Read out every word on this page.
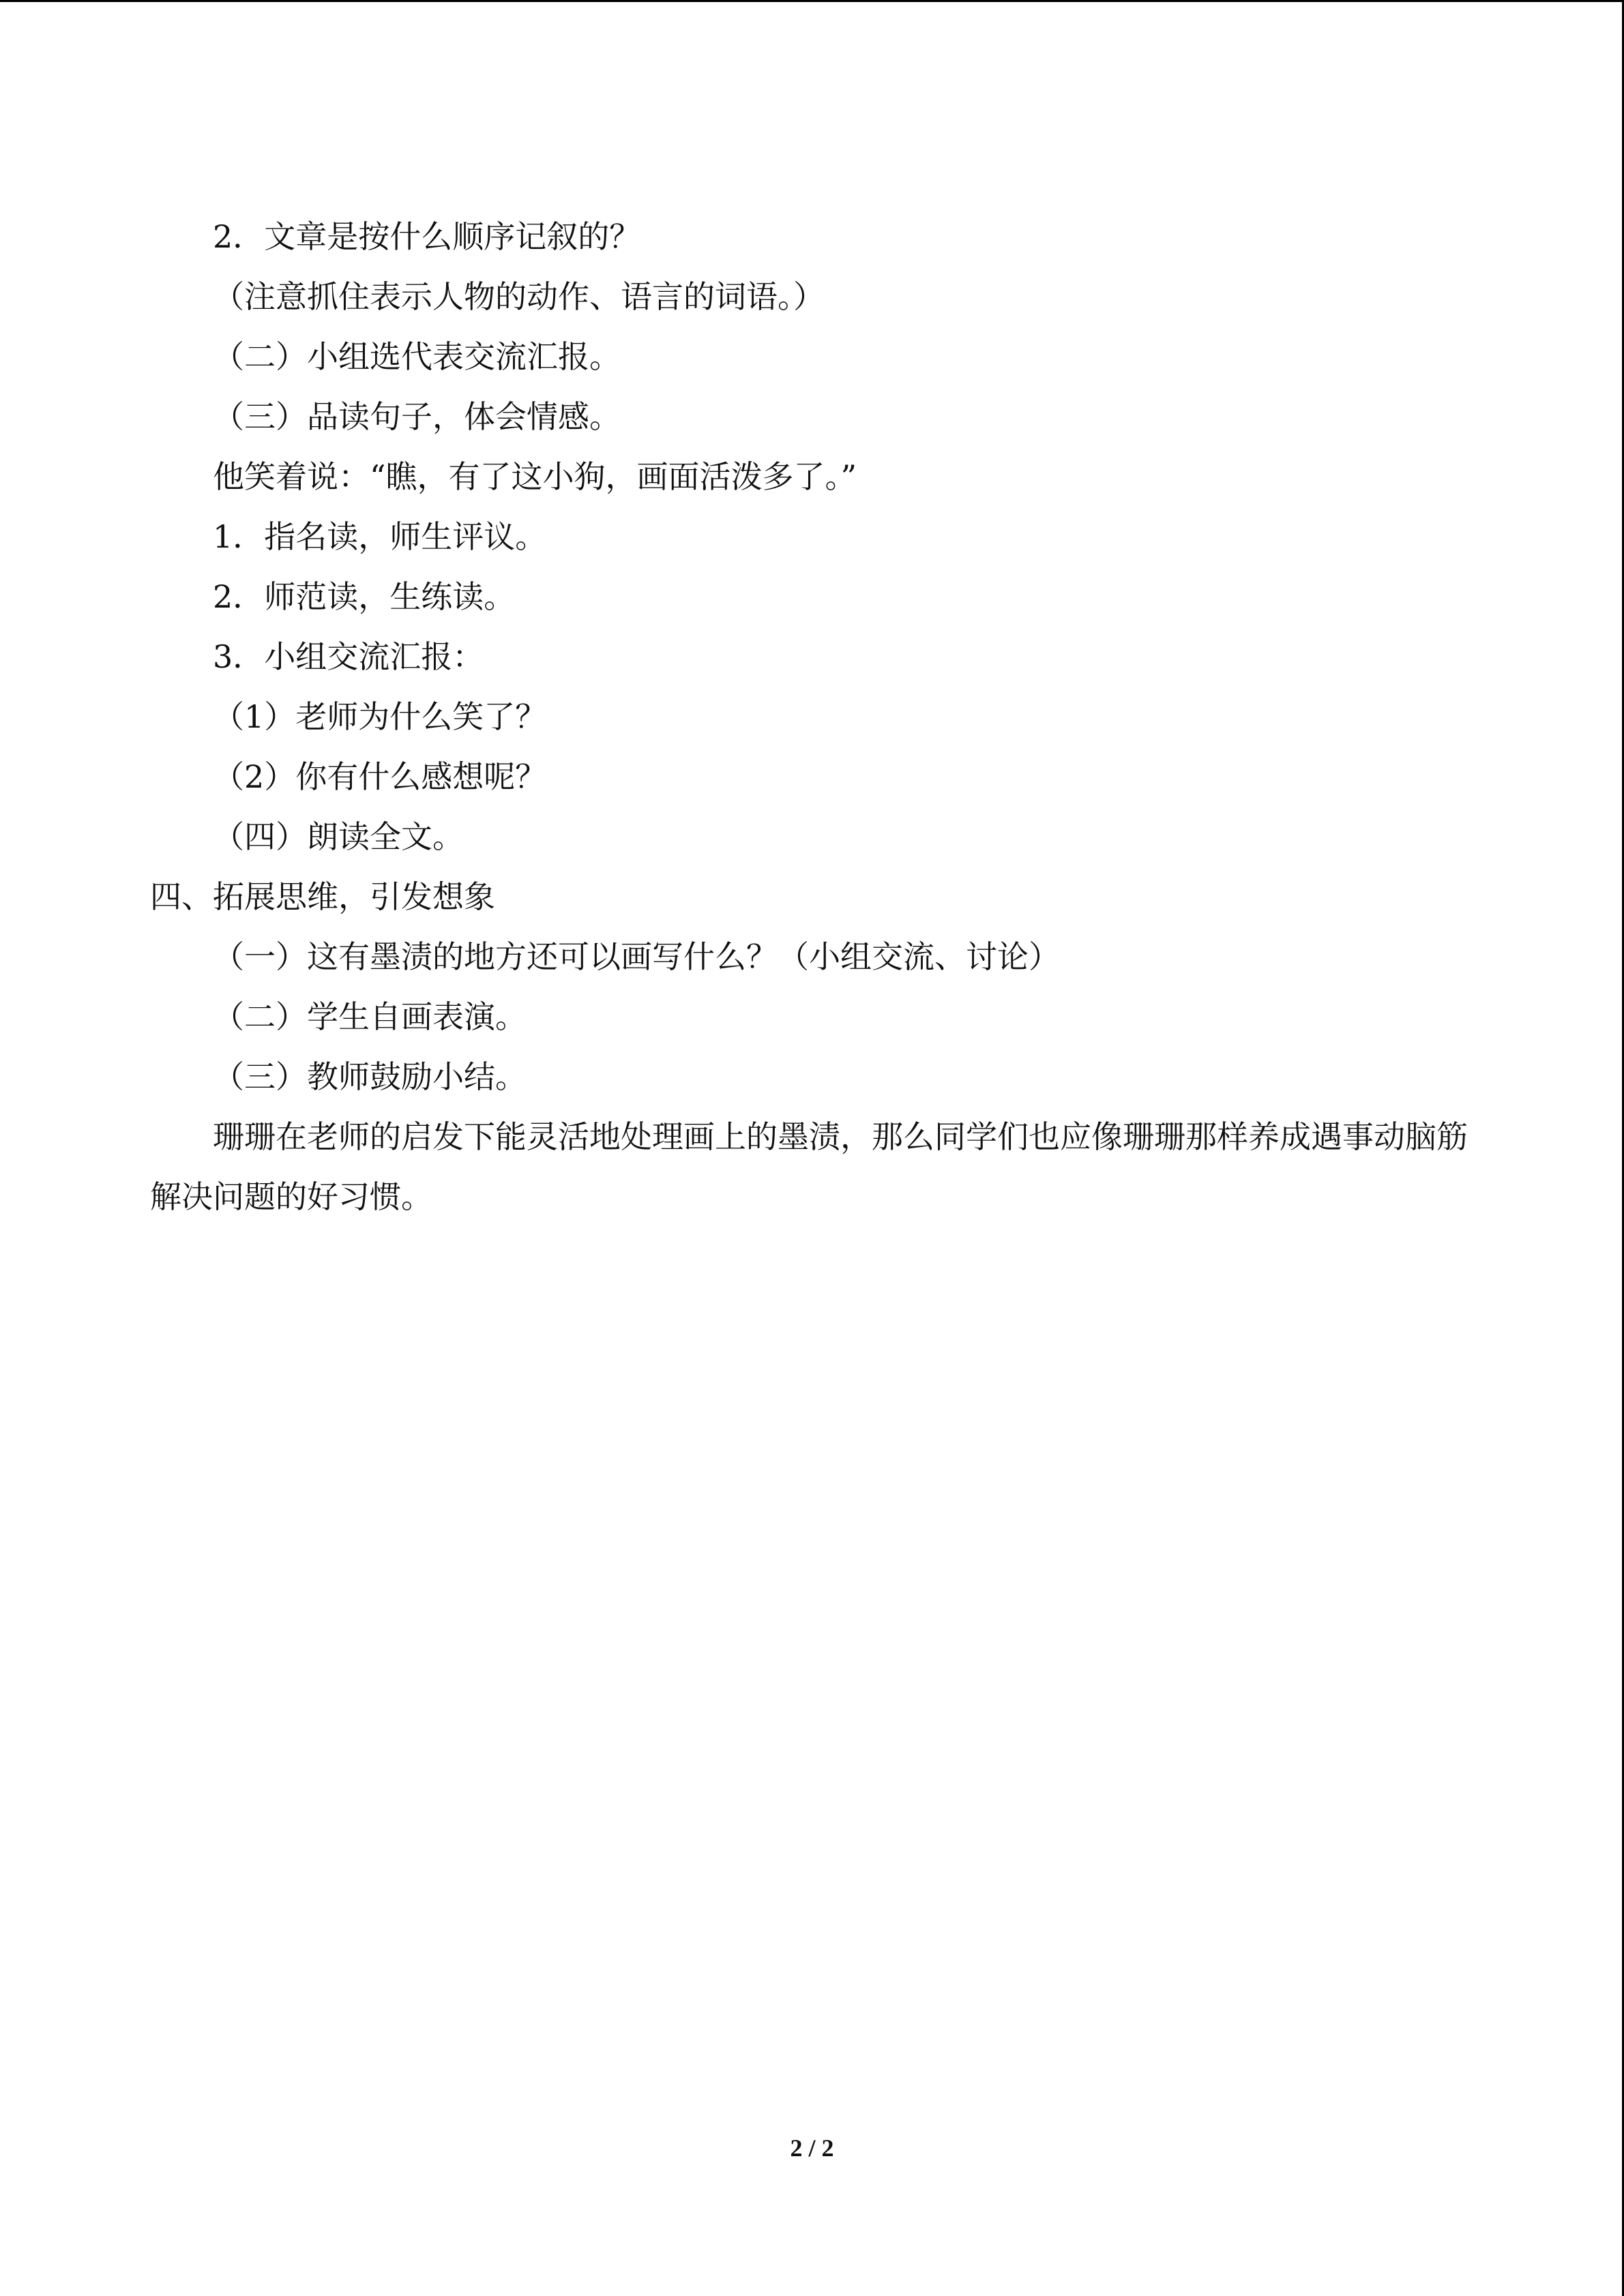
2．文章是按什么顺序记叙的？
（注意抓住表示人物的动作、语言的词语。）
（二）小组选代表交流汇报。
（三）品读句子，体会情感。
他笑着说：“瞧，有了这小狗，画面活泼多了。”
1．指名读，师生评议。
2．师范读，生练读。
3．小组交流汇报：
（1）老师为什么笑了？
（2）你有什么感想呢？
（四）朗读全文。
四、拓展思维，引发想象
（一）这有墨渍的地方还可以画写什么？（小组交流、讨论）
（二）学生自画表演。
（三）教师鼓励小结。
珊珊在老师的启发下能灵活地处理画上的墨渍，那么同学们也应像珊珊那样养成遇事动脑筋解决问题的好习惯。
2 / 2
